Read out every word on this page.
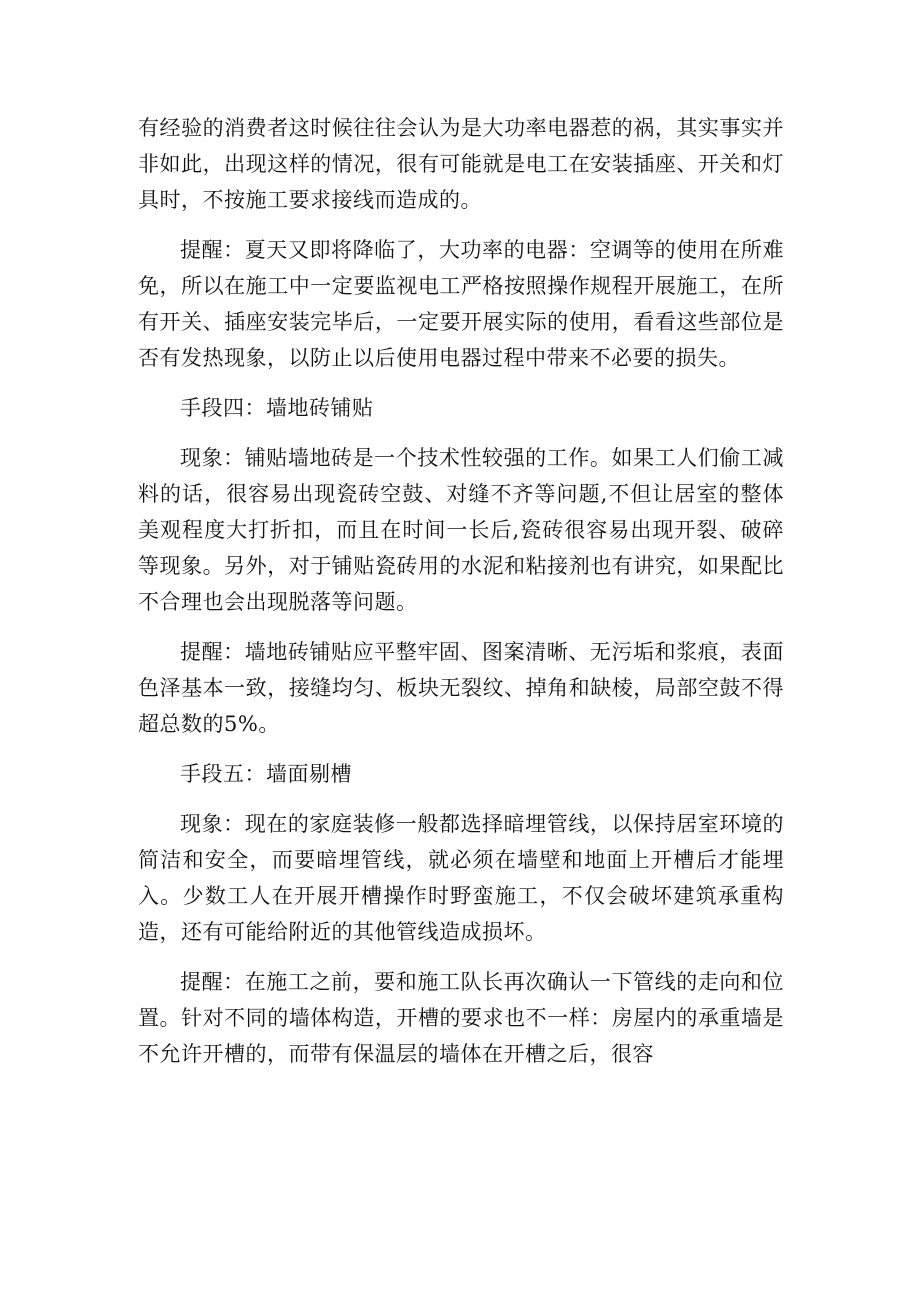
有经验的消费者这时候往往会认为是大功率电器惹的祸，其实事实并非如此，出现这样的情况，很有可能就是电工在安装插座、开关和灯具时，不按施工要求接线而造成的。

提醒：夏天又即将降临了，大功率的电器：空调等的使用在所难免，所以在施工中一定要监视电工严格按照操作规程开展施工，在所有开关、插座安装完毕后，一定要开展实际的使用，看看这些部位是否有发热现象，以防止以后使用电器过程中带来不必要的损失。

手段四：墙地砖铺贴

现象：铺贴墙地砖是一个技术性较强的工作。如果工人们偷工减料的话，很容易出现瓷砖空鼓、对缝不齐等问题,不但让居室的整体美观程度大打折扣，而且在时间一长后,瓷砖很容易出现开裂、破碎等现象。另外，对于铺贴瓷砖用的水泥和粘接剂也有讲究，如果配比不合理也会出现脱落等问题。

提醒：墙地砖铺贴应平整牢固、图案清晰、无污垢和浆痕，表面色泽基本一致，接缝均匀、板块无裂纹、掉角和缺棱，局部空鼓不得超总数的5%。

手段五：墙面剔槽

现象：现在的家庭装修一般都选择暗埋管线，以保持居室环境的简洁和安全，而要暗埋管线，就必须在墙壁和地面上开槽后才能埋入。少数工人在开展开槽操作时野蛮施工，不仅会破坏建筑承重构造，还有可能给附近的其他管线造成损坏。

提醒：在施工之前，要和施工队长再次确认一下管线的走向和位置。针对不同的墙体构造，开槽的要求也不一样：房屋内的承重墙是不允许开槽的，而带有保温层的墙体在开槽之后，很容
